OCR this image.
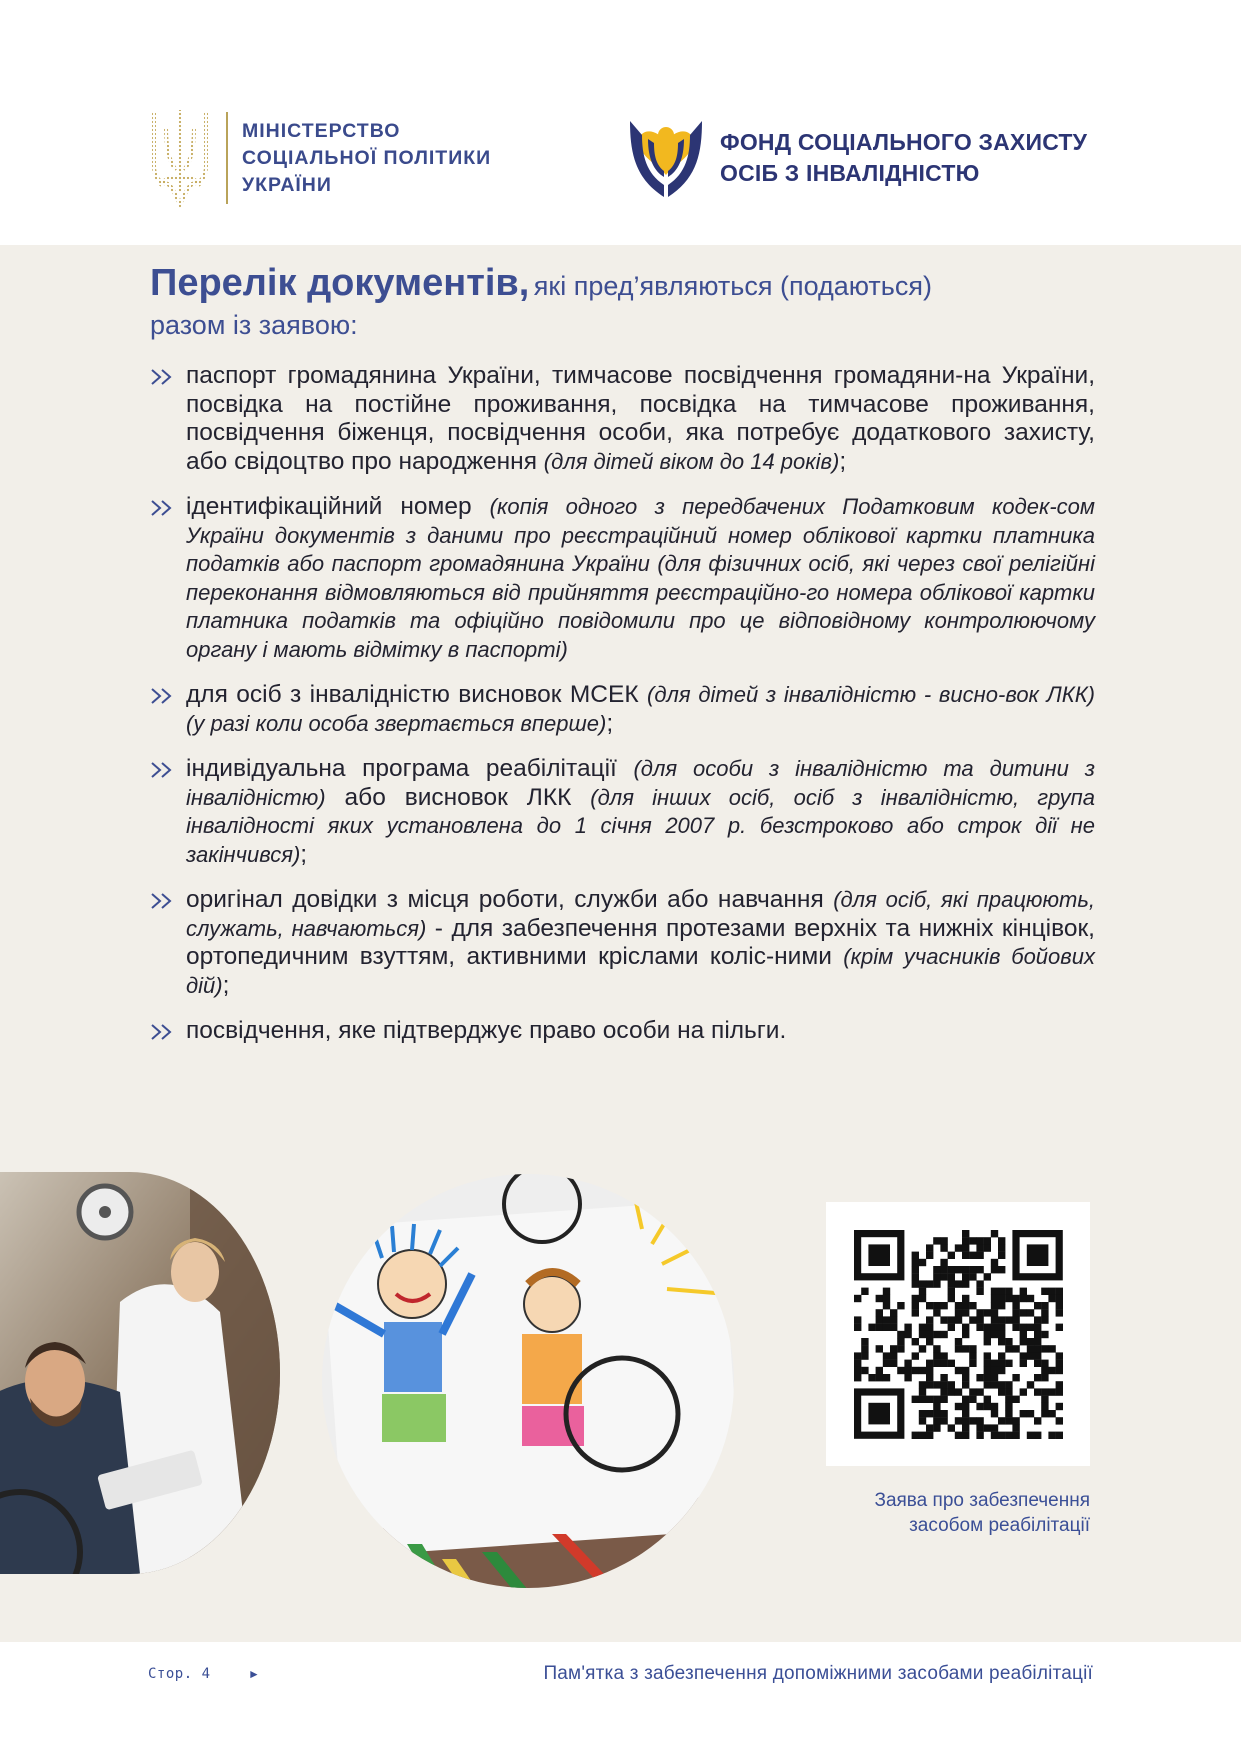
МІНІСТЕРСТВО
СОЦІАЛЬНОЇ ПОЛІТИКИ
УКРАЇНИ
ФОНД СОЦІАЛЬНОГО ЗАХИСТУ
ОСІБ З ІНВАЛІДНІСТЮ
Перелік документів, які пред’являються (подаються)
разом із заявою:
паспорт громадянина України, тимчасове посвідчення громадяни-на України, посвідка на постійне проживання, посвідка на тимчасове проживання, посвідчення біженця, посвідчення особи, яка потребує додаткового захисту, або свідоцтво про народження (для дітей віком до 14 років);
ідентифікаційний номер (копія одного з передбачених Податковим кодек-сом України документів з даними про реєстраційний номер облікової картки платника податків або паспорт громадянина України (для фізичних осіб, які через свої релігійні переконання відмовляються від прийняття реєстраційно-го номера облікової картки платника податків та офіційно повідомили про це відповідному контролюючому органу і мають відмітку в паспорті)
для осіб з інвалідністю висновок МСЕК (для дітей з інвалідністю - висно-вок ЛКК) (у разі коли особа звертається вперше);
індивідуальна програма реабілітації (для особи з інвалідністю та дитини з інвалідністю) або висновок ЛКК (для інших осіб, осіб з інвалідністю, група інвалідності яких установлена до 1 січня 2007 р. безстроково або строк дії не закінчився);
оригінал довідки з місця роботи, служби або навчання (для осіб, які працюють, служать, навчаються) - для забезпечення протезами верхніх та нижніх кінцівок, ортопедичним взуттям, активними кріслами коліс-ними (крім учасників бойових дій);
посвідчення, яке підтверджує право особи на пільги.
Заява про забезпечення
засобом реабілітації
Стор. 4	►	Пам'ятка з забезпечення допоміжними засобами реабілітації
